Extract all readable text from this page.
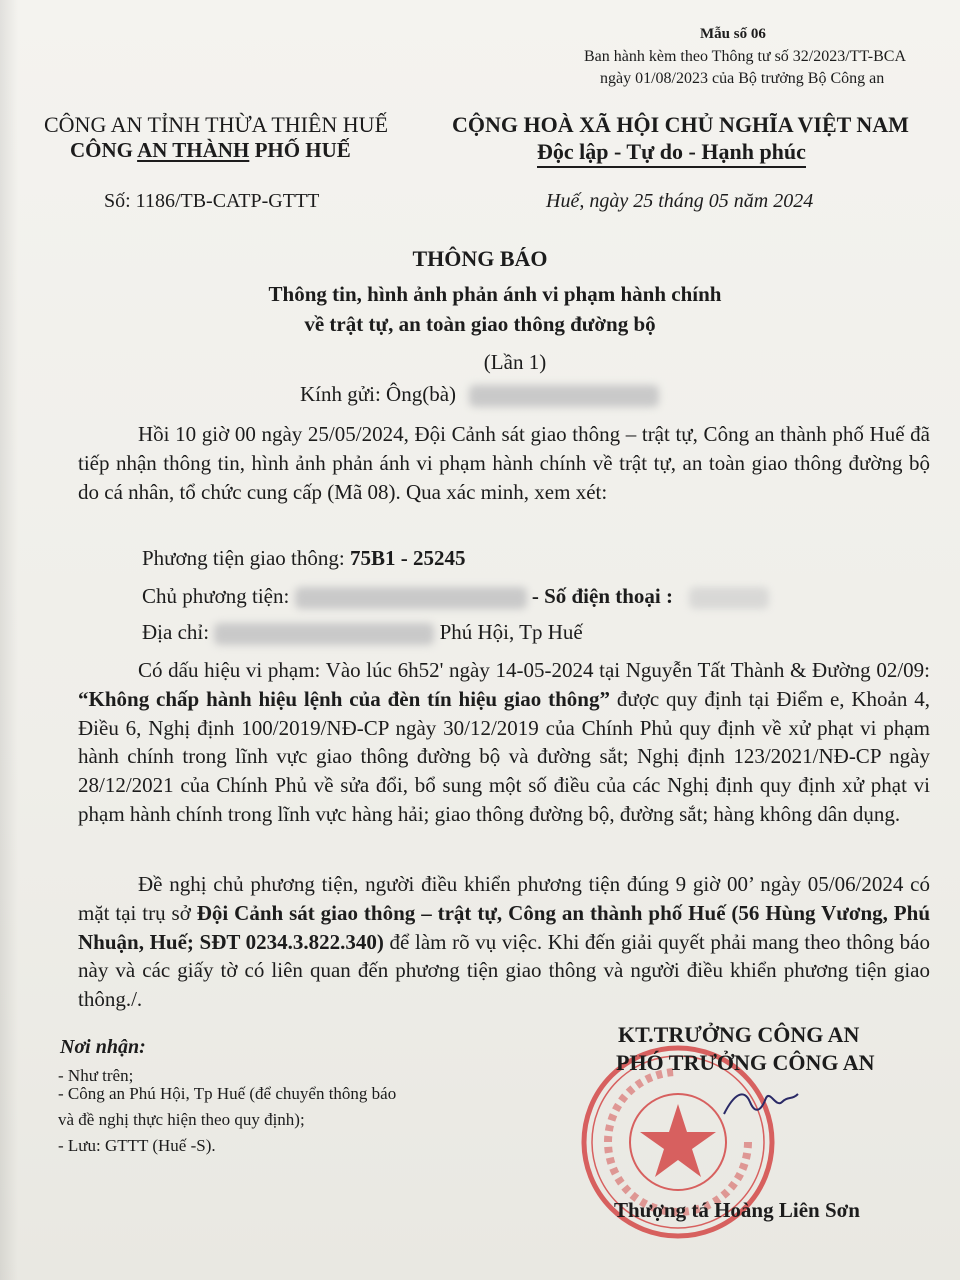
Mẫu số 06
Ban hành kèm theo Thông tư số 32/2023/TT-BCA
ngày 01/08/2023 của Bộ trưởng Bộ Công an
CÔNG AN TỈNH THỪA THIÊN HUẾ
CÔNG AN THÀNH PHỐ HUẾ
CỘNG HOÀ XÃ HỘI CHỦ NGHĨA VIỆT NAM
Độc lập - Tự do - Hạnh phúc
Số: 1186/TB-CATP-GTTT	Huế, ngày 25 tháng 05 năm 2024
THÔNG BÁO
Thông tin, hình ảnh phản ánh vi phạm hành chính
về trật tự, an toàn giao thông đường bộ
(Lần 1)
Kính gửi: Ông(bà)
Hồi 10 giờ 00 ngày 25/05/2024, Đội Cảnh sát giao thông – trật tự, Công an thành phố Huế đã tiếp nhận thông tin, hình ảnh phản ánh vi phạm hành chính về trật tự, an toàn giao thông đường bộ do cá nhân, tổ chức cung cấp (Mã 08). Qua xác minh, xem xét:
Phương tiện giao thông: 75B1 - 25245
Chủ phương tiện:	- Số điện thoại :
Địa chỉ:	Phú Hội, Tp Huế
Có dấu hiệu vi phạm: Vào lúc 6h52' ngày 14-05-2024 tại Nguyễn Tất Thành & Đường 02/09: “Không chấp hành hiệu lệnh của đèn tín hiệu giao thông” được quy định tại Điểm e, Khoản 4, Điều 6, Nghị định 100/2019/NĐ-CP ngày 30/12/2019 của Chính Phủ quy định về xử phạt vi phạm hành chính trong lĩnh vực giao thông đường bộ và đường sắt; Nghị định 123/2021/NĐ-CP ngày 28/12/2021 của Chính Phủ về sửa đổi, bổ sung một số điều của các Nghị định quy định xử phạt vi phạm hành chính trong lĩnh vực hàng hải; giao thông đường bộ, đường sắt; hàng không dân dụng.
Đề nghị chủ phương tiện, người điều khiển phương tiện đúng 9 giờ 00’ ngày 05/06/2024 có mặt tại trụ sở Đội Cảnh sát giao thông – trật tự, Công an thành phố Huế (56 Hùng Vương, Phú Nhuận, Huế; SĐT 0234.3.822.340) để làm rõ vụ việc. Khi đến giải quyết phải mang theo thông báo này và các giấy tờ có liên quan đến phương tiện giao thông và người điều khiển phương tiện giao thông./.
Nơi nhận:
- Như trên;
- Công an Phú Hội, Tp Huế (để chuyển thông báo
và đề nghị thực hiện theo quy định);
- Lưu: GTTT (Huế -S).
KT.TRƯỞNG CÔNG AN
PHÓ TRƯỞNG CÔNG AN
Thượng tá Hoàng Liên Sơn
